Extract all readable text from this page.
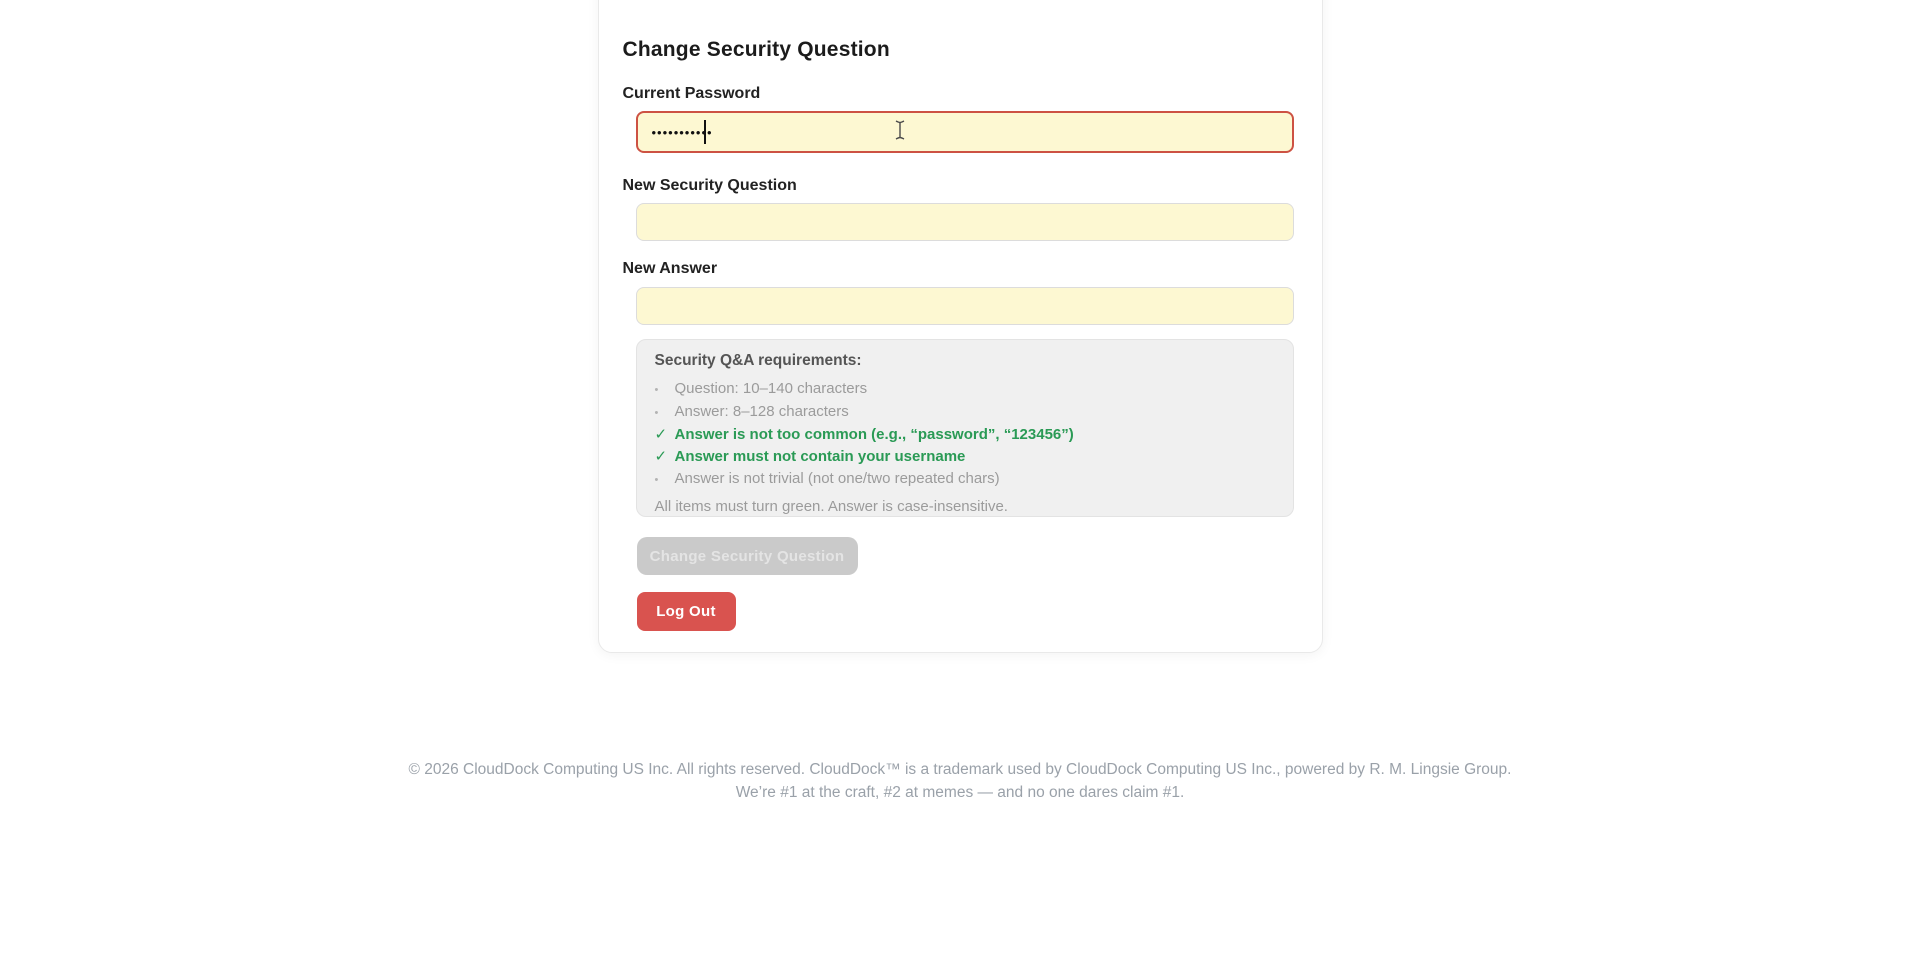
Change Security Question
Current Password
•••••••••••
New Security Question
New Answer
Security Q&A requirements:
•	Question: 10–140 characters
•	Answer: 8–128 characters
✓ Answer is not too common (e.g., “password”, “123456”)
✓ Answer must not contain your username
•	Answer is not trivial (not one/two repeated chars)
All items must turn green. Answer is case-insensitive.
Change Security Question
Log Out
© 2026 CloudDock Computing US Inc. All rights reserved. CloudDock™ is a trademark used by CloudDock Computing US Inc., powered by R. M. Lingsie Group.
We’re #1 at the craft, #2 at memes — and no one dares claim #1.
